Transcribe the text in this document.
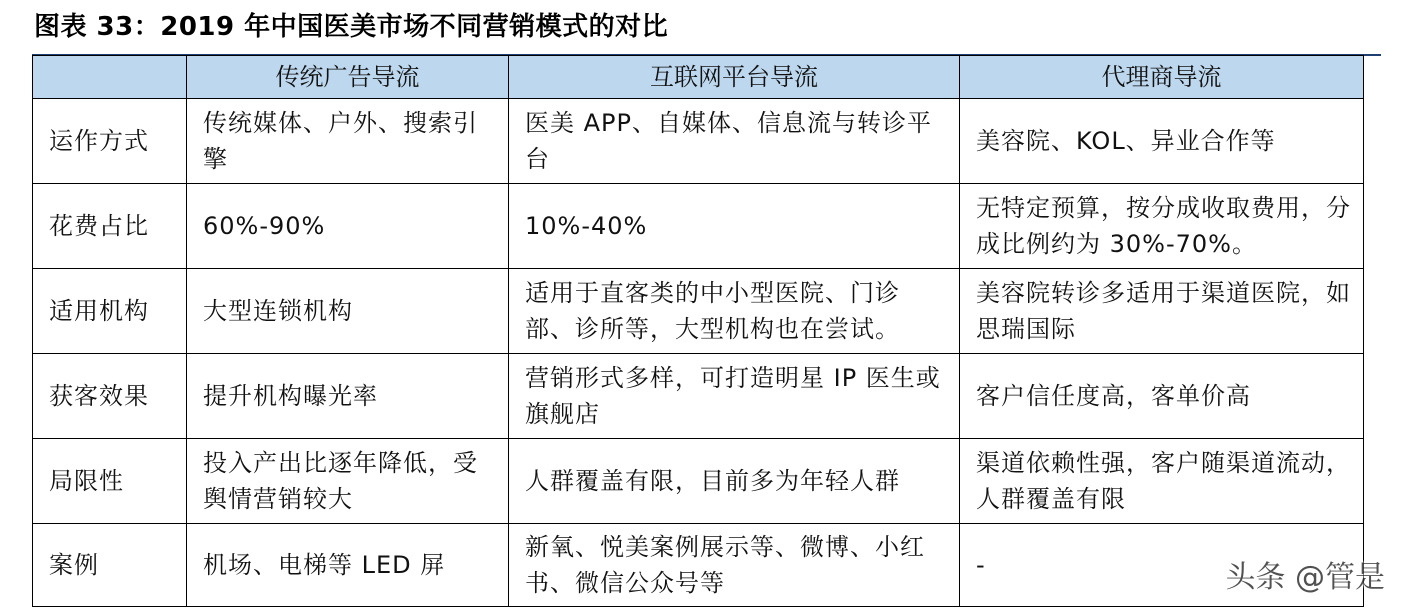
图表 33：2019 年中国医美市场不同营销模式的对比
	传统广告导流	互联网平台导流	代理商导流
运作方式	传统媒体、户外、搜索引擎	医美 APP、自媒体、信息流与转诊平台	美容院、KOL、异业合作等
花费占比	60%-90%	10%-40%	无特定预算，按分成收取费用，分成比例约为 30%-70%。
适用机构	大型连锁机构	适用于直客类的中小型医院、门诊部、诊所等，大型机构也在尝试。	美容院转诊多适用于渠道医院，如思瑞国际
获客效果	提升机构曝光率	营销形式多样，可打造明星 IP 医生或旗舰店	客户信任度高，客单价高
局限性	投入产出比逐年降低，受舆情营销较大	人群覆盖有限，目前多为年轻人群	渠道依赖性强，客户随渠道流动，人群覆盖有限
案例	机场、电梯等 LED 屏	新氧、悦美案例展示等、微博、小红书、微信公众号等	-	头条 @管是
